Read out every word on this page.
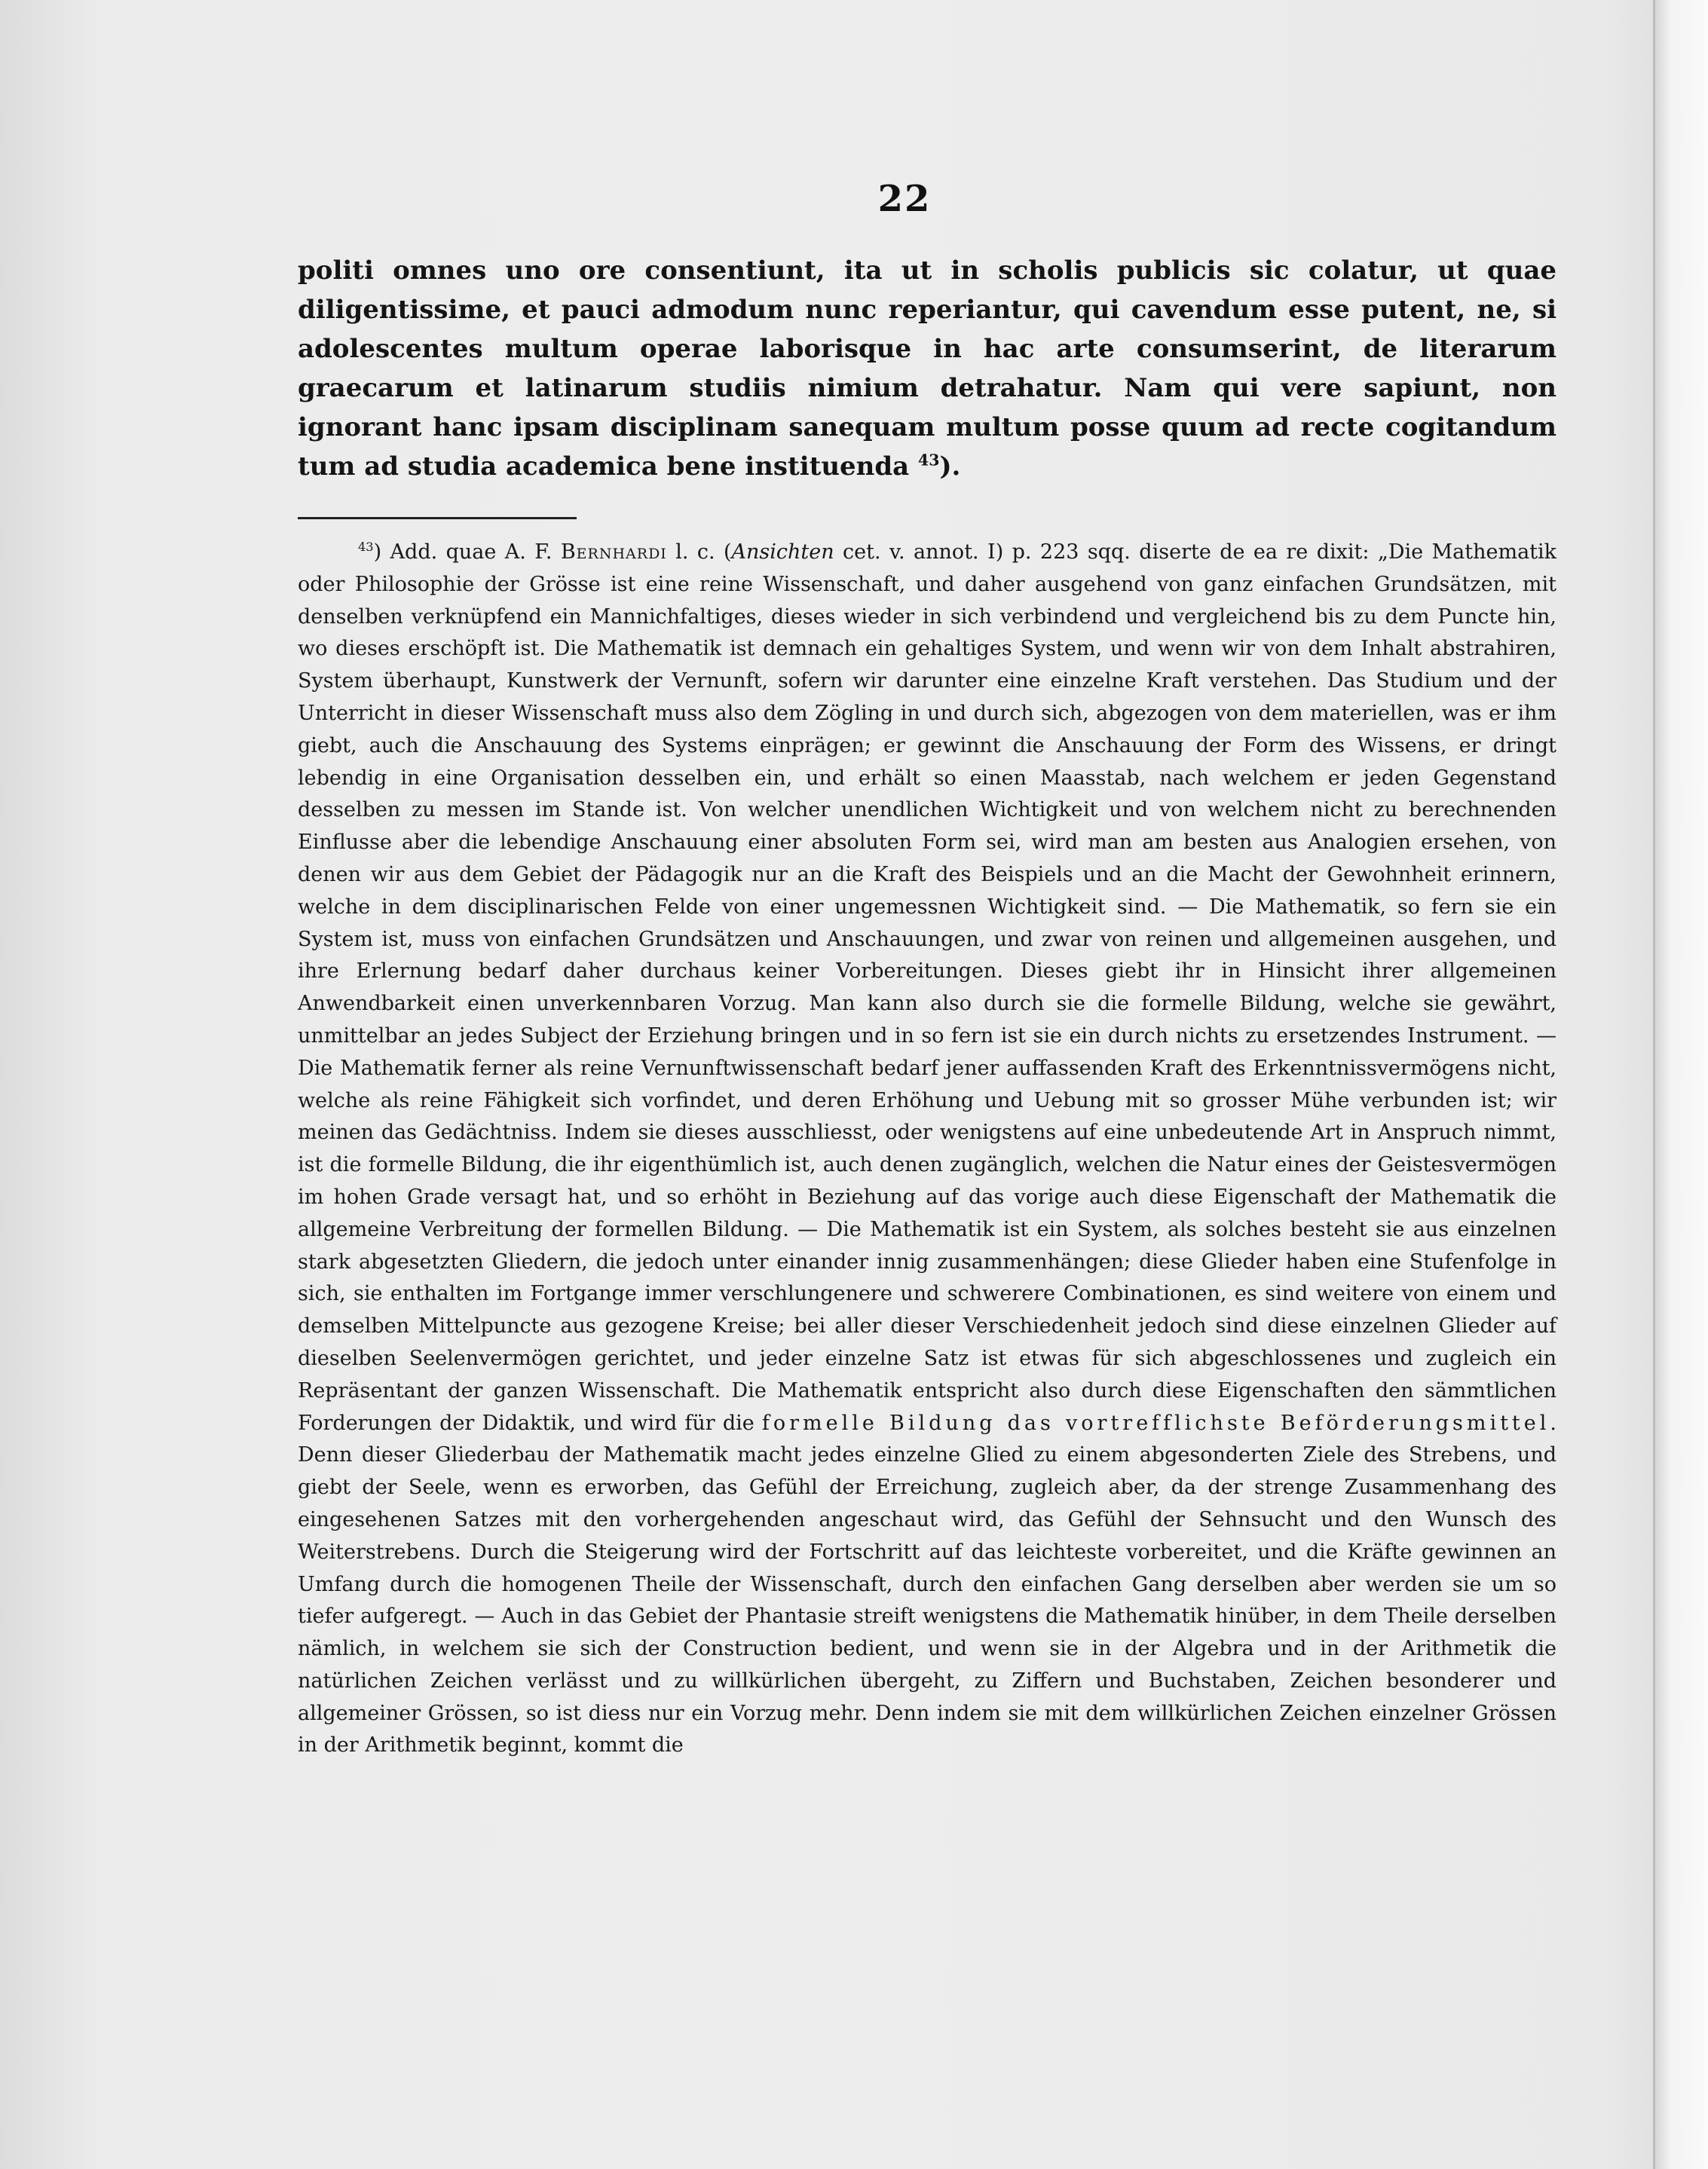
22

politi omnes uno ore consentiunt, ita ut in scholis publicis sic colatur, ut quae diligentissime, et pauci admodum nunc reperiantur, qui cavendum esse putent, ne, si adolescentes multum operae laborisque in hac arte consumserint, de literarum graecarum et latinarum studiis nimium detrahatur. Nam qui vere sapiunt, non ignorant hanc ipsam disciplinam sanequam multum posse quum ad recte cogitandum tum ad studia academica bene instituenda $^{43}$).

$^{43}$) Add. quae A. F. Bernhardi l. c. (Ansichten cet. v. annot. I) p. 223 sqq. diserte de ea re dixit: „Die Mathematik oder Philosophie der Grösse ist eine reine Wissenschaft, und daher ausgehend von ganz einfachen Grundsätzen, mit denselben verknüpfend ein Mannichfaltiges, dieses wieder in sich verbindend und vergleichend bis zu dem Puncte hin, wo dieses erschöpft ist. Die Mathematik ist demnach ein gehaltiges System, und wenn wir von dem Inhalt abstrahiren, System überhaupt, Kunstwerk der Vernunft, sofern wir darunter eine einzelne Kraft verstehen. Das Studium und der Unterricht in dieser Wissenschaft muss also dem Zögling in und durch sich, abgezogen von dem materiellen, was er ihm giebt, auch die Anschauung des Systems einprägen; er gewinnt die Anschauung der Form des Wissens, er dringt lebendig in eine Organisation desselben ein, und erhält so einen Maasstab, nach welchem er jeden Gegenstand desselben zu messen im Stande ist. Von welcher unendlichen Wichtigkeit und von welchem nicht zu berechnenden Einflusse aber die lebendige Anschauung einer absoluten Form sei, wird man am besten aus Analogien ersehen, von denen wir aus dem Gebiet der Pädagogik nur an die Kraft des Beispiels und an die Macht der Gewohnheit erinnern, welche in dem disciplinarischen Felde von einer ungemessnen Wichtigkeit sind. — Die Mathematik, so fern sie ein System ist, muss von einfachen Grundsätzen und Anschauungen, und zwar von reinen und allgemeinen ausgehen, und ihre Erlernung bedarf daher durchaus keiner Vorbereitungen. Dieses giebt ihr in Hinsicht ihrer allgemeinen Anwendbarkeit einen unverkennbaren Vorzug. Man kann also durch sie die formelle Bildung, welche sie gewährt, unmittelbar an jedes Subject der Erziehung bringen und in so fern ist sie ein durch nichts zu ersetzendes Instrument. — Die Mathematik ferner als reine Vernunftwissenschaft bedarf jener auffassenden Kraft des Erkenntnissvermögens nicht, welche als reine Fähigkeit sich vorfindet, und deren Erhöhung und Uebung mit so grosser Mühe verbunden ist; wir meinen das Gedächtniss. Indem sie dieses ausschliesst, oder wenigstens auf eine unbedeutende Art in Anspruch nimmt, ist die formelle Bildung, die ihr eigenthümlich ist, auch denen zugänglich, welchen die Natur eines der Geistesvermögen im hohen Grade versagt hat, und so erhöht in Beziehung auf das vorige auch diese Eigenschaft der Mathematik die allgemeine Verbreitung der formellen Bildung. — Die Mathematik ist ein System, als solches besteht sie aus einzelnen stark abgesetzten Gliedern, die jedoch unter einander innig zusammenhängen; diese Glieder haben eine Stufenfolge in sich, sie enthalten im Fortgange immer verschlungenere und schwerere Combinationen, es sind weitere von einem und demselben Mittelpuncte aus gezogene Kreise; bei aller dieser Verschiedenheit jedoch sind diese einzelnen Glieder auf dieselben Seelenvermögen gerichtet, und jeder einzelne Satz ist etwas für sich abgeschlossenes und zugleich ein Repräsentant der ganzen Wissenschaft. Die Mathematik entspricht also durch diese Eigenschaften den sämmtlichen Forderungen der Didaktik, und wird für die formelle Bildung das vortrefflichste Beförderungsmittel. Denn dieser Gliederbau der Mathematik macht jedes einzelne Glied zu einem abgesonderten Ziele des Strebens, und giebt der Seele, wenn es erworben, das Gefühl der Erreichung, zugleich aber, da der strenge Zusammenhang des eingesehenen Satzes mit den vorhergehenden angeschaut wird, das Gefühl der Sehnsucht und den Wunsch des Weiterstrebens. Durch die Steigerung wird der Fortschritt auf das leichteste vorbereitet, und die Kräfte gewinnen an Umfang durch die homogenen Theile der Wissenschaft, durch den einfachen Gang derselben aber werden sie um so tiefer aufgeregt. — Auch in das Gebiet der Phantasie streift wenigstens die Mathematik hinüber, in dem Theile derselben nämlich, in welchem sie sich der Construction bedient, und wenn sie in der Algebra und in der Arithmetik die natürlichen Zeichen verlässt und zu willkürlichen übergeht, zu Ziffern und Buchstaben, Zeichen besonderer und allgemeiner Grössen, so ist diess nur ein Vorzug mehr. Denn indem sie mit dem willkürlichen Zeichen einzelner Grössen in der Arithmetik beginnt, kommt die
